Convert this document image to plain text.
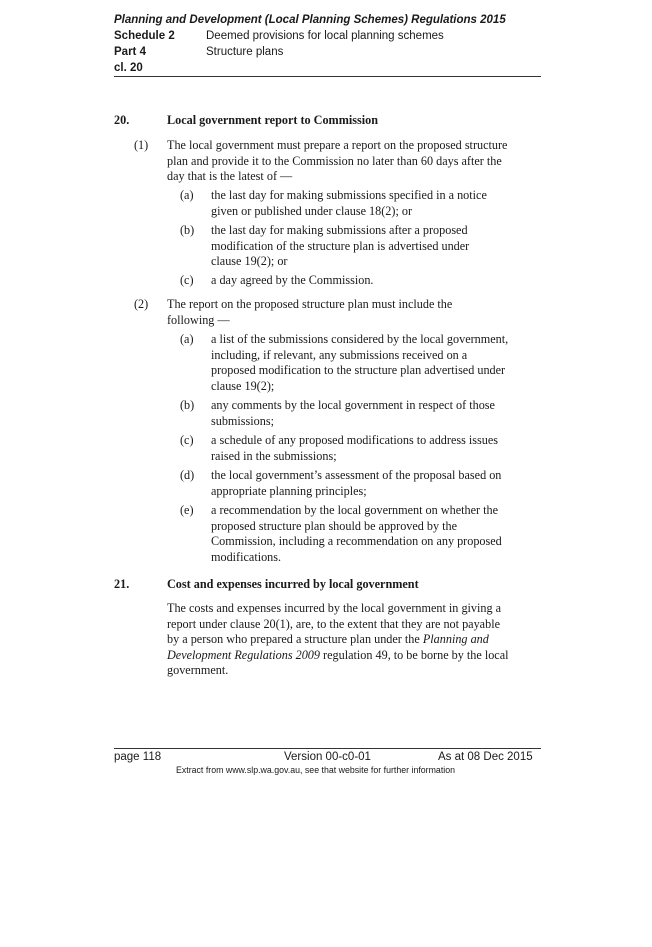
Planning and Development (Local Planning Schemes) Regulations 2015
Schedule 2	Deemed provisions for local planning schemes
Part 4	Structure plans
cl. 20
20.	Local government report to Commission
(1) The local government must prepare a report on the proposed structure
plan and provide it to the Commission no later than 60 days after the
day that is the latest of —
(a) the last day for making submissions specified in a notice
given or published under clause 18(2); or
(b) the last day for making submissions after a proposed
modification of the structure plan is advertised under
clause 19(2); or
(c) a day agreed by the Commission.
(2) The report on the proposed structure plan must include the
following —
(a) a list of the submissions considered by the local government,
including, if relevant, any submissions received on a
proposed modification to the structure plan advertised under
clause 19(2);
(b) any comments by the local government in respect of those
submissions;
(c) a schedule of any proposed modifications to address issues
raised in the submissions;
(d) the local government’s assessment of the proposal based on
appropriate planning principles;
(e) a recommendation by the local government on whether the
proposed structure plan should be approved by the
Commission, including a recommendation on any proposed
modifications.
21.	Cost and expenses incurred by local government
The costs and expenses incurred by the local government in giving a
report under clause 20(1), are, to the extent that they are not payable
by a person who prepared a structure plan under the Planning and
Development Regulations 2009 regulation 49, to be borne by the local
government.
page 118	Version 00-c0-01	As at 08 Dec 2015
Extract from www.slp.wa.gov.au, see that website for further information
